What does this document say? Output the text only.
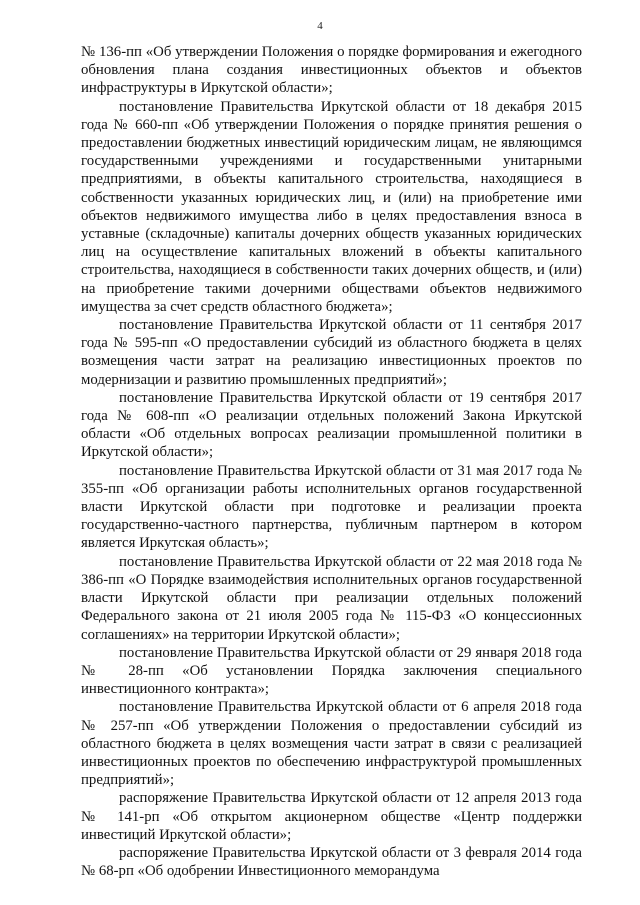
4

№ 136-пп «Об утверждении Положения о порядке формирования и ежегодного обновления плана создания инвестиционных объектов и объектов инфраструктуры в Иркутской области»;

постановление Правительства Иркутской области от 18 декабря 2015 года № 660-пп «Об утверждении Положения о порядке принятия решения о предоставлении бюджетных инвестиций юридическим лицам, не являющимся государственными учреждениями и государственными унитарными предприятиями, в объекты капитального строительства, находящиеся в собственности указанных юридических лиц, и (или) на приобретение ими объектов недвижимого имущества либо в целях предоставления взноса в уставные (складочные) капиталы дочерних обществ указанных юридических лиц на осуществление капитальных вложений в объекты капитального строительства, находящиеся в собственности таких дочерних обществ, и (или) на приобретение такими дочерними обществами объектов недвижимого имущества за счет средств областного бюджета»;

постановление Правительства Иркутской области от 11 сентября 2017 года № 595-пп «О предоставлении субсидий из областного бюджета в целях возмещения части затрат на реализацию инвестиционных проектов по модернизации и развитию промышленных предприятий»;

постановление Правительства Иркутской области от 19 сентября 2017 года № 608-пп «О реализации отдельных положений Закона Иркутской области «Об отдельных вопросах реализации промышленной политики в Иркутской области»;

постановление Правительства Иркутской области от 31 мая 2017 года № 355-пп «Об организации работы исполнительных органов государственной власти Иркутской области при подготовке и реализации проекта государственно-частного партнерства, публичным партнером в котором является Иркутская область»;

постановление Правительства Иркутской области от 22 мая 2018 года № 386-пп «О Порядке взаимодействия исполнительных органов государственной власти Иркутской области при реализации отдельных положений Федерального закона от 21 июля 2005 года № 115-ФЗ «О концессионных соглашениях» на территории Иркутской области»;

постановление Правительства Иркутской области от 29 января 2018 года № 28-пп «Об установлении Порядка заключения специального инвестиционного контракта»;

постановление Правительства Иркутской области от 6 апреля 2018 года № 257-пп «Об утверждении Положения о предоставлении субсидий из областного бюджета в целях возмещения части затрат в связи с реализацией инвестиционных проектов по обеспечению инфраструктурой промышленных предприятий»;

распоряжение Правительства Иркутской области от 12 апреля 2013 года № 141-рп «Об открытом акционерном обществе «Центр поддержки инвестиций Иркутской области»;

распоряжение Правительства Иркутской области от 3 февраля 2014 года № 68-рп «Об одобрении Инвестиционного меморандума
